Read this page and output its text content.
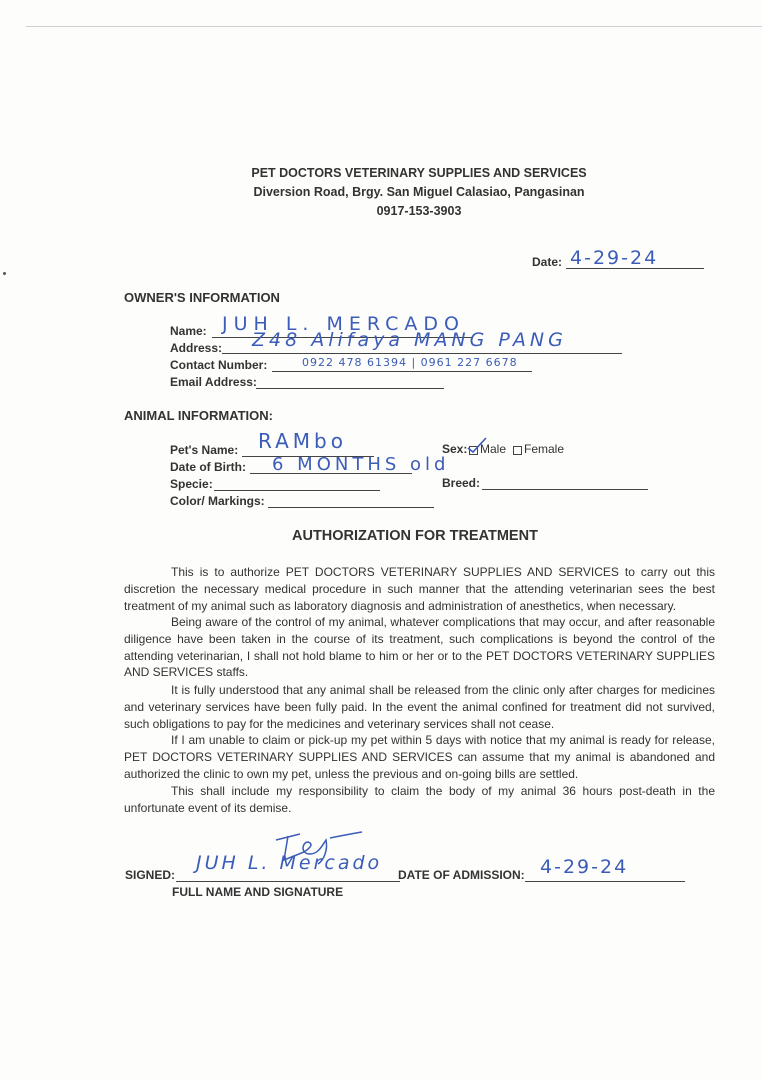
PET DOCTORS VETERINARY SUPPLIES AND SERVICES
Diversion Road, Brgy. San Miguel Calasiao, Pangasinan
0917-153-3903
Date: 4-29-24
OWNER'S INFORMATION
Name: JUH L. MERCADO
Address: Z48 Alifaya MANG PANG
Contact Number:	0922 478 61394 | 0961 227 6678
Email Address:
ANIMAL INFORMATION:
Pet's Name: RAMbo
Date of Birth: 6 MONTHS old
Specie:
Color/ Markings:
Sex: Male Female
Breed:
AUTHORIZATION FOR TREATMENT
This is to authorize PET DOCTORS VETERINARY SUPPLIES AND SERVICES to carry out this discretion the necessary medical procedure in such manner that the attending veterinarian sees the best treatment of my animal such as laboratory diagnosis and administration of anesthetics, when necessary.
Being aware of the control of my animal, whatever complications that may occur, and after reasonable diligence have been taken in the course of its treatment, such complications is beyond the control of the attending veterinarian, I shall not hold blame to him or her or to the PET DOCTORS VETERINARY SUPPLIES AND SERVICES staffs.
It is fully understood that any animal shall be released from the clinic only after charges for medicines and veterinary services have been fully paid. In the event the animal confined for treatment did not survived, such obligations to pay for the medicines and veterinary services shall not cease.
If I am unable to claim or pick-up my pet within 5 days with notice that my animal is ready for release, PET DOCTORS VETERINARY SUPPLIES AND SERVICES can assume that my animal is abandoned and authorized the clinic to own my pet, unless the previous and on-going bills are settled.
This shall include my responsibility to claim the body of my animal 36 hours post-death in the unfortunate event of its demise.
SIGNED:
JUH L. Mercado
FULL NAME AND SIGNATURE
DATE OF ADMISSION: 4-29-24
